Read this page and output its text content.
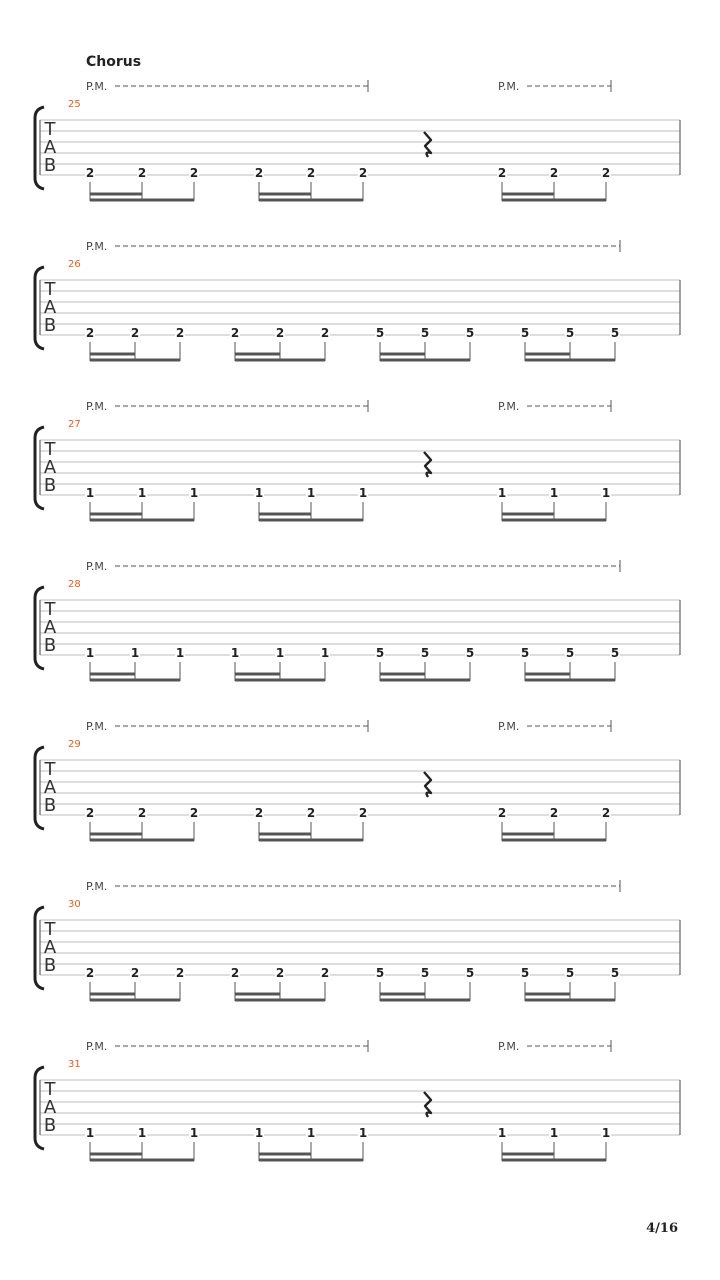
Chorus
P.M.	P.M.
25
T
A
B 2	2	2	2	2	2	2	2	2
P.M.
26
T
A
B 2	2	2	2	2	2	5	5	5	5	5	5
P.M.	P.M.
27
T
A
B 1	1	1	1	1	1	1	1	1
P.M.
28
T
A
B 1	1	1	1	1	1	5	5	5	5	5	5
P.M.	P.M.
29
T
A
B 2	2	2	2	2	2	2	2	2
P.M.
30
T
A
B 2	2	2	2	2	2	5	5	5	5	5	5
P.M.	P.M.
31
T
A
B 1	1	1	1	1	1	1	1	1
4/16
